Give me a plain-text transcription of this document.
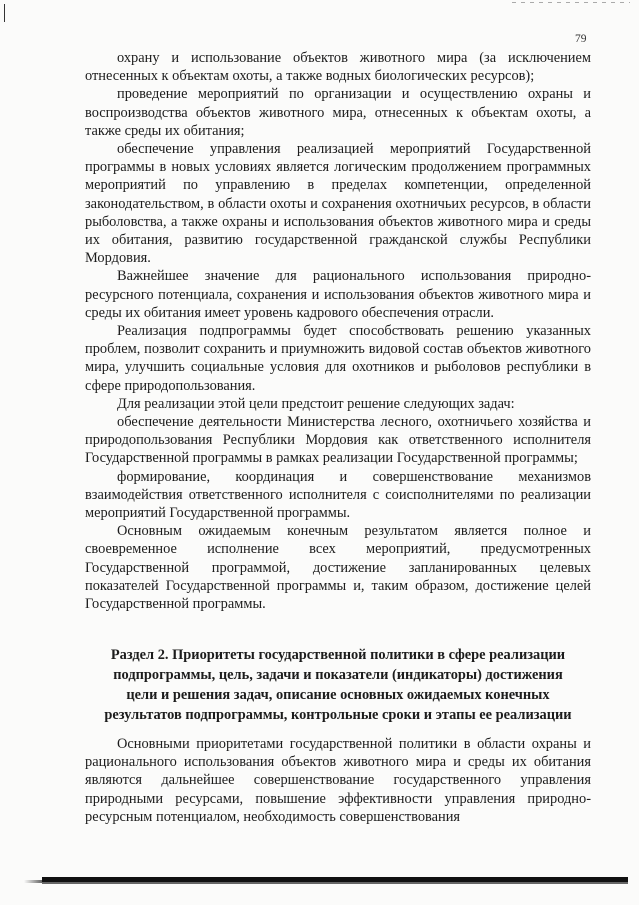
79

охрану и использование объектов животного мира (за исключением отнесенных к объектам охоты, а также водных биологических ресурсов);

проведение мероприятий по организации и осуществлению охраны и воспроизводства объектов животного мира, отнесенных к объектам охоты, а также среды их обитания;

обеспечение управления реализацией мероприятий Государственной программы в новых условиях является логическим продолжением программных мероприятий по управлению в пределах компетенции, определенной законодательством, в области охоты и сохранения охотничьих ресурсов, в области рыболовства, а также охраны и использования объектов животного мира и среды их обитания, развитию государственной гражданской службы Республики Мордовия.

Важнейшее значение для рационального использования природно-ресурсного потенциала, сохранения и использования объектов животного мира и среды их обитания имеет уровень кадрового обеспечения отрасли.

Реализация подпрограммы будет способствовать решению указанных проблем, позволит сохранить и приумножить видовой состав объектов животного мира, улучшить социальные условия для охотников и рыболовов республики в сфере природопользования.

Для реализации этой цели предстоит решение следующих задач:

обеспечение деятельности Министерства лесного, охотничьего хозяйства и природопользования Республики Мордовия как ответственного исполнителя Государственной программы в рамках реализации Государственной программы;

формирование, координация и совершенствование механизмов взаимодействия ответственного исполнителя с соисполнителями по реализации мероприятий Государственной программы.

Основным ожидаемым конечным результатом является полное и своевременное исполнение всех мероприятий, предусмотренных Государственной программой, достижение запланированных целевых показателей Государственной программы и, таким образом, достижение целей Государственной программы.

Раздел 2. Приоритеты государственной политики в сфере реализации
подпрограммы, цель, задачи и показатели (индикаторы) достижения
цели и решения задач, описание основных ожидаемых конечных
результатов подпрограммы, контрольные сроки и этапы ее реализации

Основными приоритетами государственной политики в области охраны и рационального использования объектов животного мира и среды их обитания являются дальнейшее совершенствование государственного управления природными ресурсами, повышение эффективности управления природно-ресурсным потенциалом, необходимость совершенствования
